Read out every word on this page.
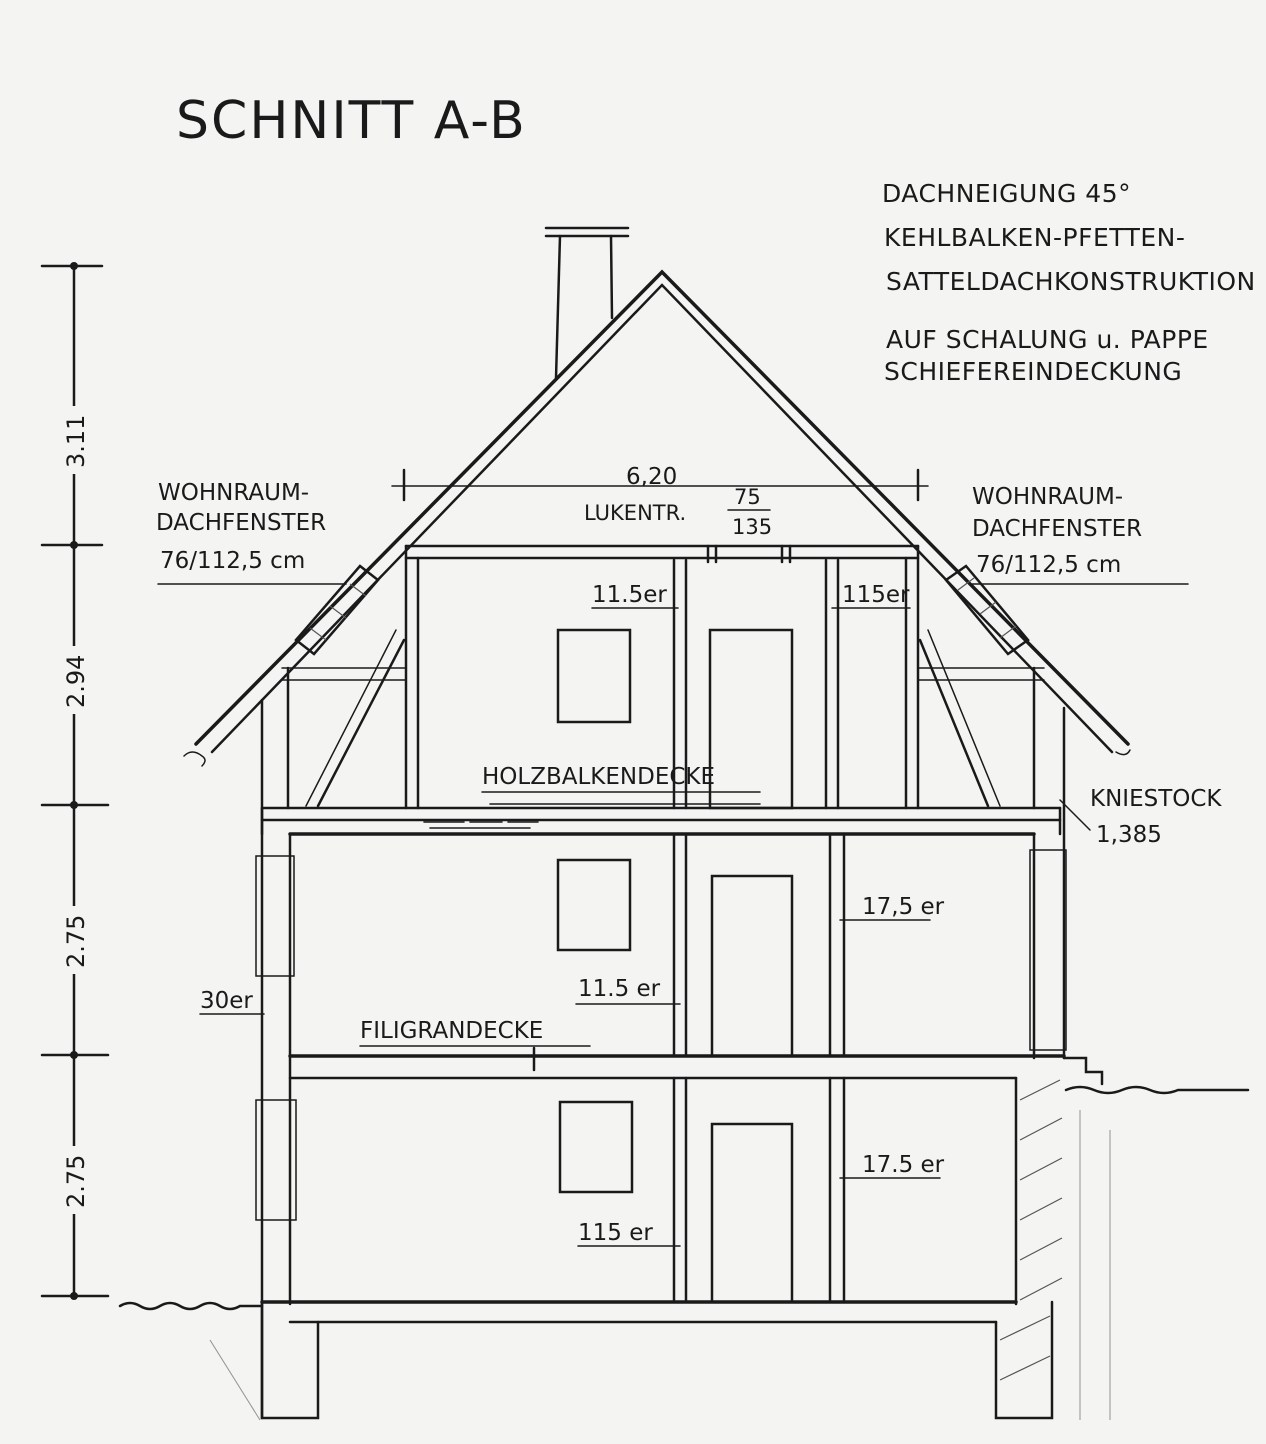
SCHNITT A-B
DACHNEIGUNG 45°
KEHLBALKEN-PFETTEN-
SATTELDACHKONSTRUKTION
AUF SCHALUNG u. PAPPE
SCHIEFEREINDECKUNG
3.11
2.94
2.75
2.75
6,20
LUKENTR.
75
135
WOHNRAUM-
DACHFENSTER
76/112,5 cm
WOHNRAUM-
DACHFENSTER
76/112,5 cm
11.5er	115er
HOLZBALKENDECKE
KNIESTOCK
1,385
17,5 er
11.5 er
30er
FILIGRANDECKE
17.5 er
115 er
